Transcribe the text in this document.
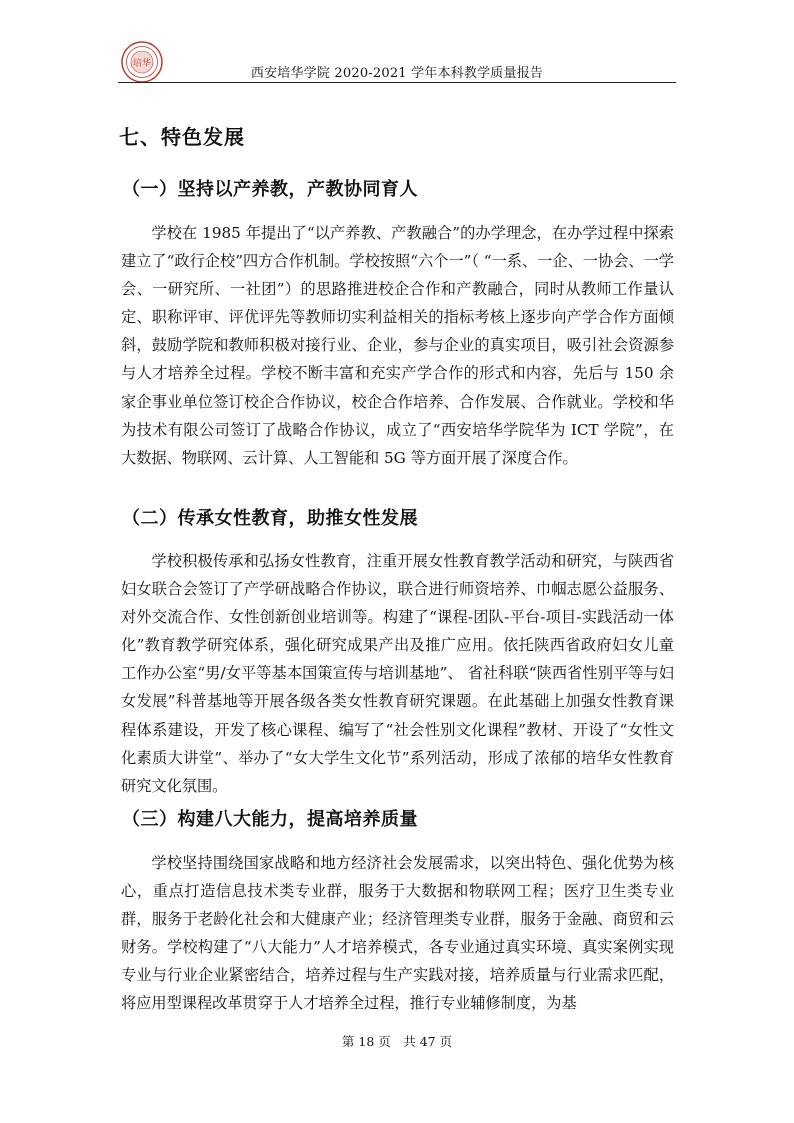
培华
西安培华学院 2020-2021 学年本科教学质量报告
七、特色发展
（一）坚持以产养教，产教协同育人

学校在 1985 年提出了“以产养教、产教融合”的办学理念，在办学过程中探索建立了“政行企校”四方合作机制。学校按照“六个一”（ “一系、一企、一协会、一学会、一研究所、一社团”）的思路推进校企合作和产教融合，同时从教师工作量认定、职称评审、评优评先等教师切实利益相关的指标考核上逐步向产学合作方面倾斜，鼓励学院和教师积极对接行业、企业，参与企业的真实项目，吸引社会资源参与人才培养全过程。学校不断丰富和充实产学合作的形式和内容，先后与 150 余家企事业单位签订校企合作协议，校企合作培养、合作发展、合作就业。学校和华为技术有限公司签订了战略合作协议，成立了“西安培华学院华为 ICT 学院”，在大数据、物联网、云计算、人工智能和 5G 等方面开展了深度合作。

（二）传承女性教育，助推女性发展

学校积极传承和弘扬女性教育，注重开展女性教育教学活动和研究，与陕西省妇女联合会签订了产学研战略合作协议，联合进行师资培养、巾帼志愿公益服务、对外交流合作、女性创新创业培训等。构建了“课程-团队-平台-项目-实践活动一体化”教育教学研究体系，强化研究成果产出及推广应用。依托陕西省政府妇女儿童工作办公室“男/女平等基本国策宣传与培训基地”、 省社科联“陕西省性别平等与妇女发展”科普基地等开展各级各类女性教育研究课题。在此基础上加强女性教育课程体系建设，开发了核心课程、编写了“社会性别文化课程”教材、开设了“女性文化素质大讲堂”、举办了“女大学生文化节”系列活动，形成了浓郁的培华女性教育研究文化氛围。

（三）构建八大能力，提高培养质量

学校坚持围绕国家战略和地方经济社会发展需求，以突出特色、强化优势为核心，重点打造信息技术类专业群，服务于大数据和物联网工程；医疗卫生类专业群，服务于老龄化社会和大健康产业；经济管理类专业群，服务于金融、商贸和云财务。学校构建了“八大能力”人才培养模式，各专业通过真实环境、真实案例实现专业与行业企业紧密结合，培养过程与生产实践对接，培养质量与行业需求匹配，将应用型课程改革贯穿于人才培养全过程，推行专业辅修制度，为基

第 18 页　共 47 页
